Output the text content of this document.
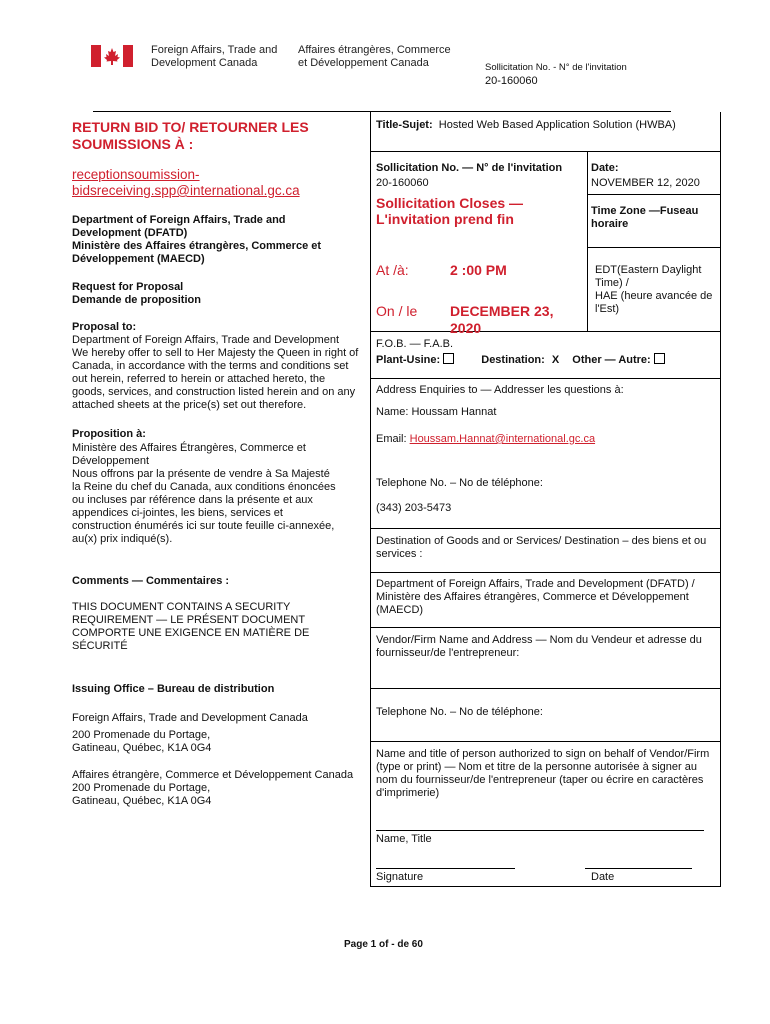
Foreign Affairs, Trade and
Development Canada
Affaires étrangères, Commerce
et Développement Canada	Sollicitation No. - N° de l'invitation
20-160060
RETURN BID TO/ RETOURNER LES
SOUMISSIONS À :
receptionsoumission-
bidsreceiving.spp@international.gc.ca
Department of Foreign Affairs, Trade and
Development (DFATD)
Ministère des Affaires étrangères, Commerce et
Développement (MAECD)
Request for Proposal
Demande de proposition
Proposal to:
Department of Foreign Affairs, Trade and Development
We hereby offer to sell to Her Majesty the Queen in right of
Canada, in accordance with the terms and conditions set
out herein, referred to herein or attached hereto, the
goods, services, and construction listed herein and on any
attached sheets at the price(s) set out therefore.
Proposition à:
Ministère des Affaires Étrangères, Commerce et
Développement
Nous offrons par la présente de vendre à Sa Majesté
la Reine du chef du Canada, aux conditions énoncées
ou incluses par référence dans la présente et aux
appendices ci-jointes, les biens, services et
construction énumérés ici sur toute feuille ci-annexée,
au(x) prix indiqué(s).
Comments — Commentaires :
THIS DOCUMENT CONTAINS A SECURITY
REQUIREMENT — LE PRÉSENT DOCUMENT
COMPORTE UNE EXIGENCE EN MATIÈRE DE
SÉCURITÉ
Issuing Office – Bureau de distribution
Foreign Affairs, Trade and Development Canada
200 Promenade du Portage,
Gatineau, Québec, K1A 0G4
Affaires étrangère, Commerce et Développement Canada
200 Promenade du Portage,
Gatineau, Québec, K1A 0G4
Title-Sujet: Hosted Web Based Application Solution (HWBA)
Sollicitation No. — N° de l'invitation
20-160060
Date:
NOVEMBER 12, 2020
Sollicitation Closes —
L'invitation prend fin	Time Zone —Fuseau
horaire
At /à:	2 :00 PM	EDT(Eastern Daylight
Time) /
HAE (heure avancée de
l'Est)
On / le DECEMBER 23,
2020
F.O.B. — F.A.B.
Plant-Usine:	Destination: X Other — Autre:
Address Enquiries to — Addresser les questions à:
Name: Houssam Hannat
Email: Houssam.Hannat@international.gc.ca
Telephone No. – No de téléphone:
(343) 203-5473
Destination of Goods and or Services/ Destination – des biens et ou
services :
Department of Foreign Affairs, Trade and Development (DFATD) /
Ministère des Affaires étrangères, Commerce et Développement
(MAECD)
Vendor/Firm Name and Address — Nom du Vendeur et adresse du
fournisseur/de l'entrepreneur:
Telephone No. – No de téléphone:
Name and title of person authorized to sign on behalf of Vendor/Firm
(type or print) — Nom et titre de la personne autorisée à signer au
nom du fournisseur/de l'entrepreneur (taper ou écrire en caractères
d'imprimerie)
Name, Title
Signature	Date
Page 1 of - de 60
